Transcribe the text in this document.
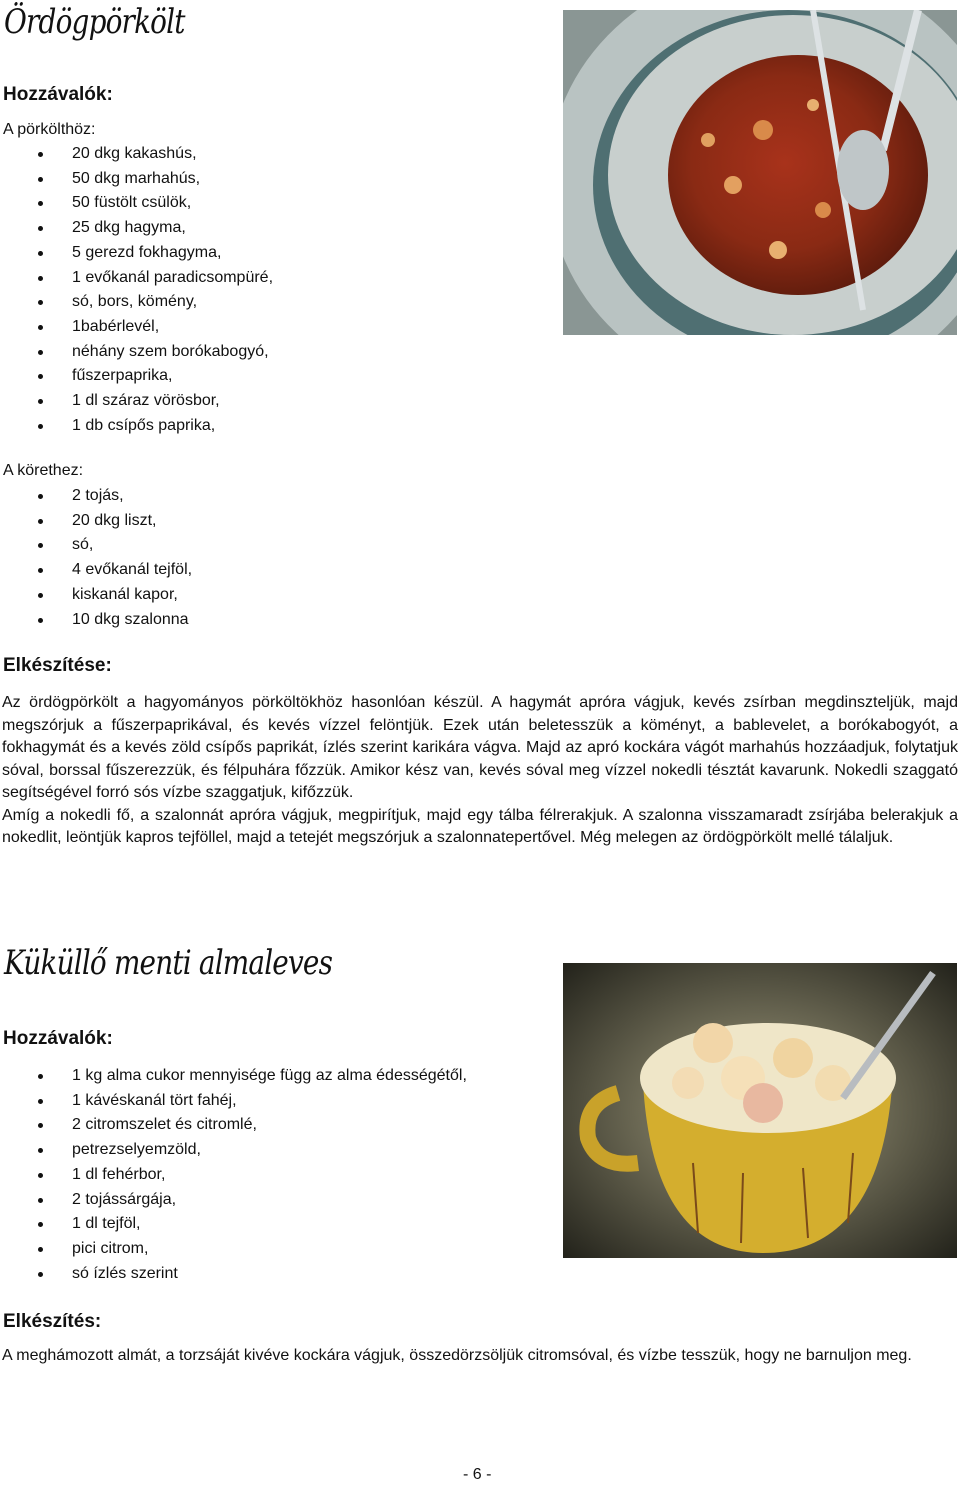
Ördögpörkölt
Hozzávalók:
A pörkölthöz:
20 dkg kakashús,
50 dkg marhahús,
50 füstölt csülök,
25 dkg hagyma,
5 gerezd fokhagyma,
1 evőkanál paradicsompüré,
só, bors, kömény,
1babérlevél,
néhány szem borókabogyó,
fűszerpaprika,
1 dl száraz vörösbor,
1 db csípős paprika,
A körethez:
2 tojás,
20 dkg liszt,
só,
4 evőkanál tejföl,
kiskanál kapor,
10 dkg szalonna
Elkészítése:

Az ördögpörkölt a hagyományos pörköltökhöz hasonlóan készül. A hagymát apróra vágjuk, kevés zsírban megdinszteljük, majd megszórjuk a fűszerpaprikával, és kevés vízzel felöntjük. Ezek után beletesszük a köményt, a bablevelet, a borókabogyót, a fokhagymát és a kevés zöld csípős paprikát, ízlés szerint karikára vágva. Majd az apró kockára vágót marhahús hozzáadjuk, folytatjuk sóval, borssal fűszerezzük, és félpuhára főzzük. Amikor kész van, kevés sóval meg vízzel nokedli tésztát kavarunk. Nokedli szaggató segítségével forró sós vízbe szaggatjuk, kifőzzük.

Amíg a nokedli fő, a szalonnát apróra vágjuk, megpirítjuk, majd egy tálba félrerakjuk. A szalonna visszamaradt zsírjába belerakjuk a nokedlit, leöntjük kapros tejföllel, majd a tetejét megszórjuk a szalonnatepertővel. Még melegen az ördögpörkölt mellé tálaljuk.

Küküllő menti almaleves
Hozzávalók:
1 kg alma cukor mennyisége függ az alma édességétől,
1 kávéskanál tört fahéj,
2 citromszelet és citromlé,
petrezselyemzöld,
1 dl fehérbor,
2 tojássárgája,
1 dl tejföl,
pici citrom,
só ízlés szerint
Elkészítés:

A meghámozott almát, a torzsáját kivéve kockára vágjuk, összedörzsöljük citromsóval, és vízbe tesszük, hogy ne barnuljon meg.

- 6 -
